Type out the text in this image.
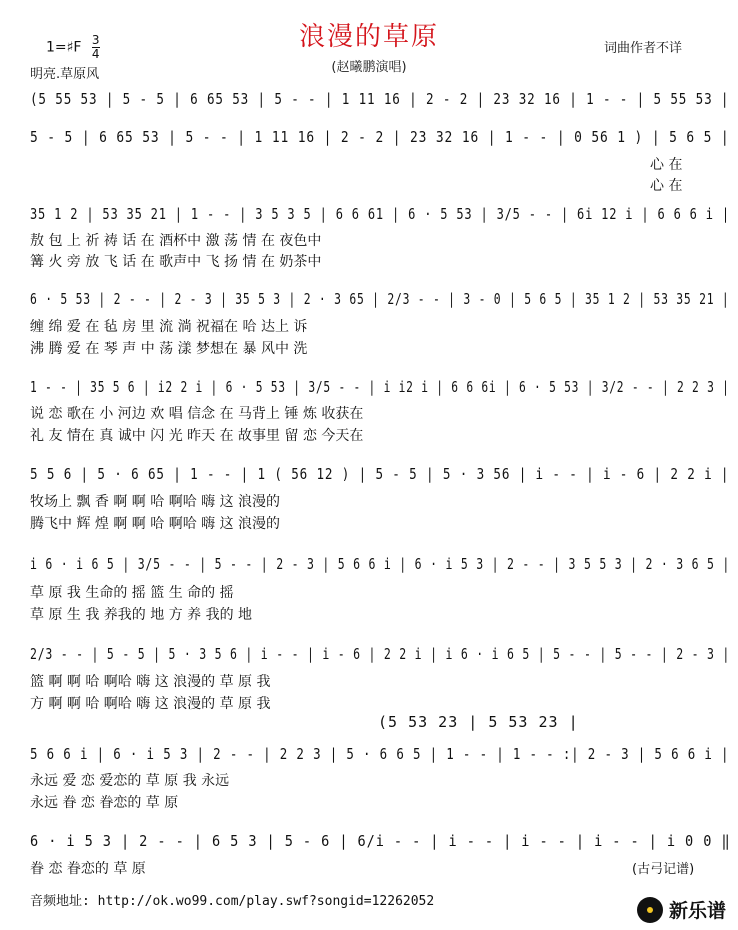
浪漫的草原
(赵曦鹏演唱)
1=♯F $\frac{3}{4}$
明亮.草原风
词曲作者不详
(5 55 53 | 5 - 5 | 6 65 53 | 5 - - | 1 11 16 | 2 - 2 | 23 32 16 | 1 - - | 5 55 53 |
5 - 5 | 6 65 53 | 5 - - | 1 11 16 | 2 - 2 | 23 32 16 | 1 - - | 0 56 1 ) | 5 6 5 |
心 在
心 在
35 1 2 | 53 35 21 | 1 - - | 3 5 3 5 | 6 6 61 | 6 · 5 53 | 3/5 - - | 6i 12 i | 6 6 6 i |
敖 包 上 祈 祷 话 在 酒杯中 激 荡 情 在 夜色中
篝 火 旁 放 飞 话 在 歌声中 飞 扬 情 在 奶茶中
6 · 5 53 | 2 - - | 2 - 3 | 35 5 3 | 2 · 3 65 | 2/3 - - | 3 - 0 | 5 6 5 | 35 1 2 | 53 35 21 |
缠 绵 爱 在 毡 房 里 流 淌 祝福在 哈 达上 诉
沸 腾 爱 在 琴 声 中 荡 漾 梦想在 暴 风中 洗
1 - - | 35 5 6 | i2 2 i | 6 · 5 53 | 3/5 - - | i i2 i | 6 6 6i | 6 · 5 53 | 3/2 - - | 2 2 3 |
说 恋 歌在 小 河边 欢 唱 信念 在 马背上 锤 炼 收获在
礼 友 情在 真 诚中 闪 光 昨天 在 故事里 留 恋 今天在
5 5 6 | 5 · 6 65 | 1 - - | 1 ( 56 12 ) | 5 - 5 | 5 · 3 56 | i - - | i - 6 | 2 2 i |
牧场上 飘 香 啊 啊 哈 啊哈 嗨 这 浪漫的
腾飞中 辉 煌 啊 啊 哈 啊哈 嗨 这 浪漫的
i 6 · i 6 5 | 3/5 - - | 5 - - | 2 - 3 | 5 6 6 i | 6 · i 5 3 | 2 - - | 3 5 5 3 | 2 · 3 6 5 |
草 原 我 生命的 摇 篮 生 命的 摇
草 原 生 我 养我的 地 方 养 我的 地
2/3 - - | 5 - 5 | 5 · 3 5 6 | i - - | i - 6 | 2 2 i | i 6 · i 6 5 | 5 - - | 5 - - | 2 - 3 |
篮 啊 啊 哈 啊哈 嗨 这 浪漫的 草 原 我
方 啊 啊 哈 啊哈 嗨 这 浪漫的 草 原 我
(5 53 23 | 5 53 23 |
5 6 6 i | 6 · i 5 3 | 2 - - | 2 2 3 | 5 · 6 6 5 | 1 - - | 1 - - :| 2 - 3 | 5 6 6 i |
永远 爱 恋 爱恋的 草 原 我 永远
永远 眷 恋 眷恋的 草 原
6 · i 5 3 | 2 - - | 6 5 3 | 5 - 6 | 6/i - - | i - - | i - - | i - - | i 0 0 ‖
眷 恋 眷恋的 草 原	(古弓记谱)
音频地址: http://ok.wo99.com/play.swf?songid=12262052	新乐谱
